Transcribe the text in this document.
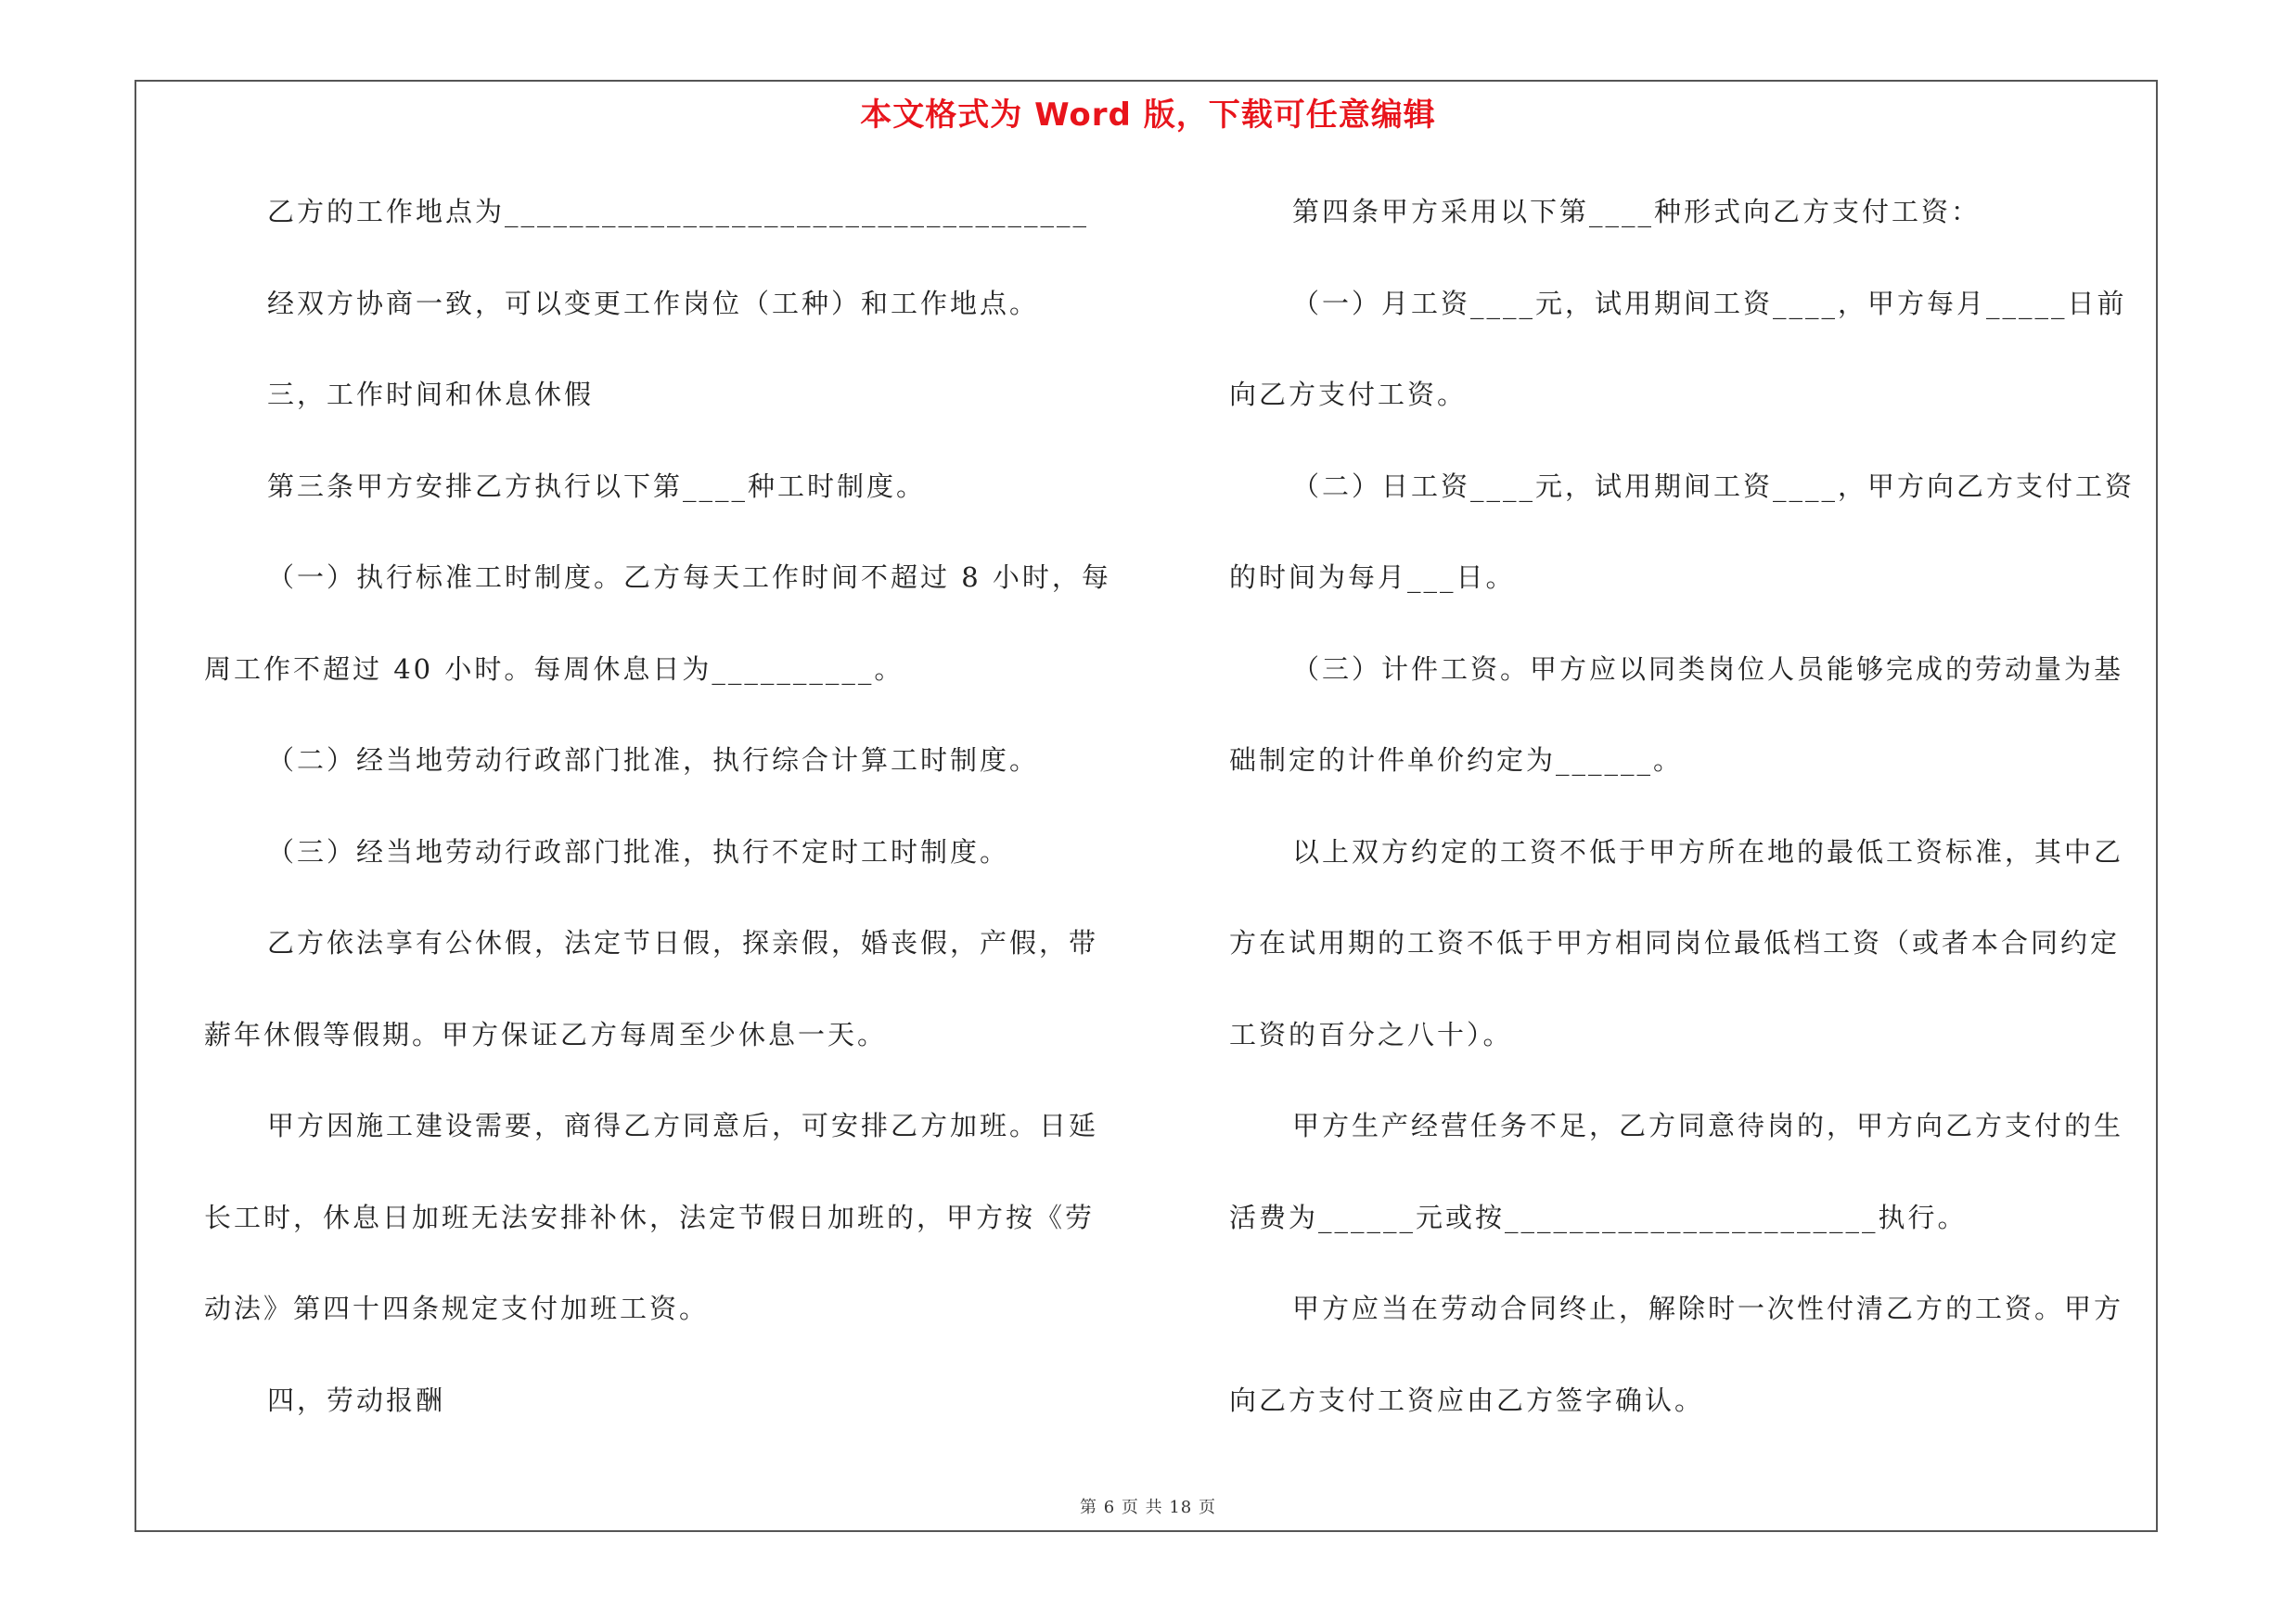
本文格式为 Word 版，下载可任意编辑
乙方的工作地点为____________________________________
经双方协商一致，可以变更工作岗位（工种）和工作地点。
三，工作时间和休息休假
第三条甲方安排乙方执行以下第____种工时制度。
（一）执行标准工时制度。乙方每天工作时间不超过 8 小时，每
周工作不超过 40 小时。每周休息日为__________。
（二）经当地劳动行政部门批准，执行综合计算工时制度。
（三）经当地劳动行政部门批准，执行不定时工时制度。
乙方依法享有公休假，法定节日假，探亲假，婚丧假，产假，带
薪年休假等假期。甲方保证乙方每周至少休息一天。
甲方因施工建设需要，商得乙方同意后，可安排乙方加班。日延
长工时，休息日加班无法安排补休，法定节假日加班的，甲方按《劳
动法》第四十四条规定支付加班工资。
四，劳动报酬
第四条甲方采用以下第____种形式向乙方支付工资：
（一）月工资____元，试用期间工资____，甲方每月_____日前
向乙方支付工资。
（二）日工资____元，试用期间工资____，甲方向乙方支付工资
的时间为每月___日。
（三）计件工资。甲方应以同类岗位人员能够完成的劳动量为基
础制定的计件单价约定为______。
以上双方约定的工资不低于甲方所在地的最低工资标准，其中乙
方在试用期的工资不低于甲方相同岗位最低档工资（或者本合同约定
工资的百分之八十）。
甲方生产经营任务不足，乙方同意待岗的，甲方向乙方支付的生
活费为______元或按_______________________执行。
甲方应当在劳动合同终止，解除时一次性付清乙方的工资。甲方
向乙方支付工资应由乙方签字确认。
第 6 页 共 18 页
